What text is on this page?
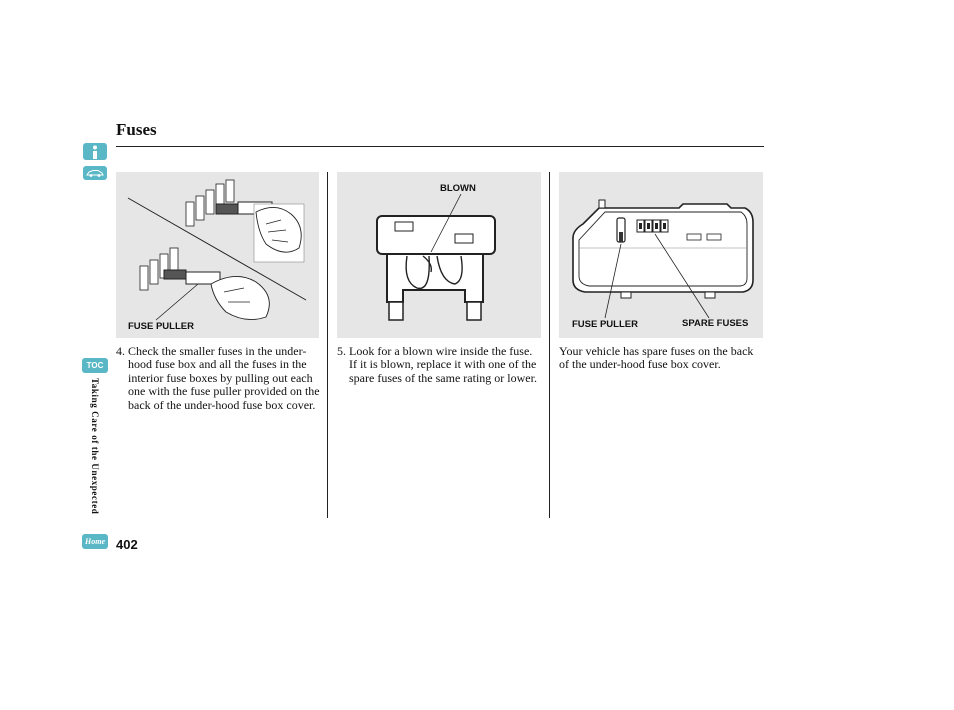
TOC
Taking Care of the Unexpected
Home
Fuses
FUSE PULLER
BLOWN
FUSE PULLER	SPARE FUSES
4. Check the smaller fuses in the under-hood fuse box and all the fuses in the interior fuse boxes by pulling out each one with the fuse puller provided on the back of the under-hood fuse box cover.
5. Look for a blown wire inside the fuse. If it is blown, replace it with one of the spare fuses of the same rating or lower.
Your vehicle has spare fuses on the back of the under-hood fuse box cover.
402
